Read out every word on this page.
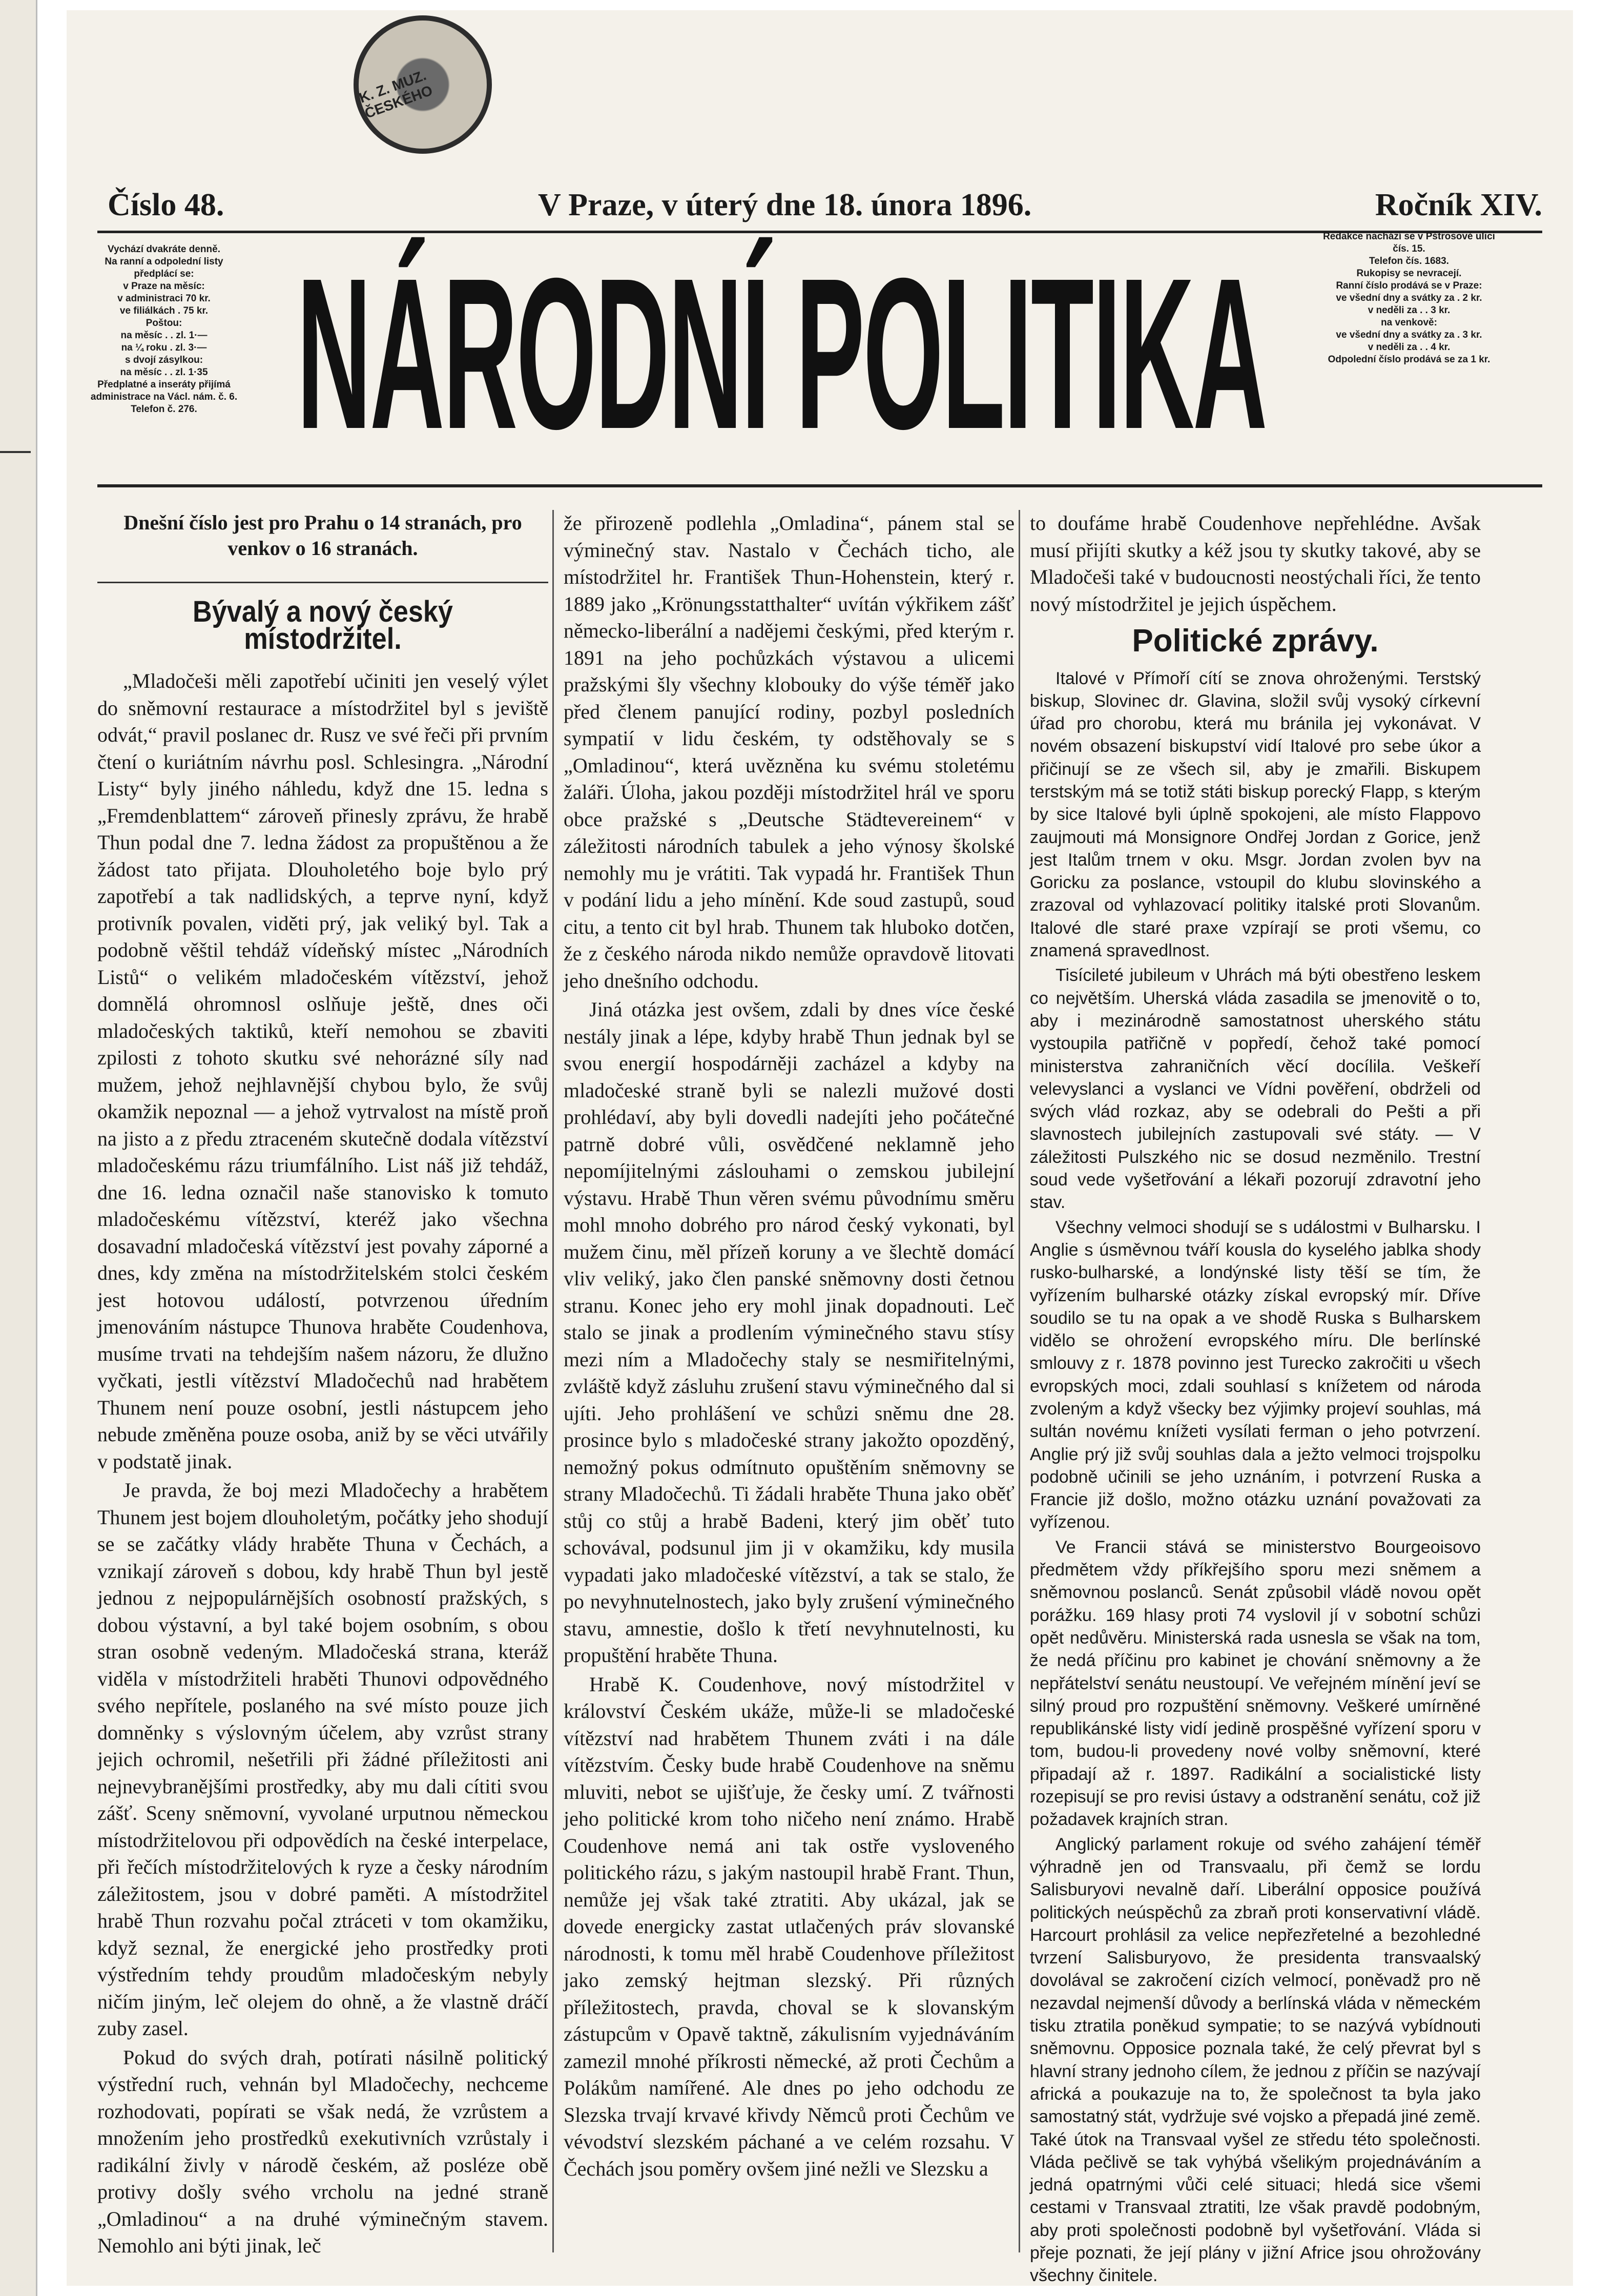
K. Z. MUZ. ČESKÉHO
Číslo 48.	V Praze, v úterý dne 18. února 1896.	Ročník XIV.
Vychází dvakráte denně.
Na ranní a odpolední listy předplácí se:
v Praze na měsíc:
v administraci 70 kr.
ve filiálkách . 75 kr.
Poštou:
na měsíc . . zl. 1·—
na ¼ roku . zl. 3·—
s dvojí zásylkou:
na měsíc . . zl. 1·35
Předplatné a inseráty přijímá administrace na Václ. nám. č. 6. Telefon č. 276. NÁRODNÍ POLITIKA	Redakce nachází se v Pštrosově ulici čís. 15.
Telefon čís. 1683.
Rukopisy se nevracejí.
Ranní číslo prodává se v Praze:
ve všední dny a svátky za . 2 kr.
v neděli za . . 3 kr.
na venkově:
ve všední dny a svátky za . 3 kr.
v neděli za . . 4 kr.
Odpolední číslo prodává se za 1 kr.
Dnešní číslo jest pro Prahu o 14 stranách, pro venkov o 16 stranách.
Bývalý a nový český místodržitel.

„Mladočeši měli zapotřebí učiniti jen veselý výlet do sněmovní restaurace a místodržitel byl s jeviště odvát,“ pravil poslanec dr. Rusz ve své řeči při prvním čtení o kuriátním návrhu posl. Schlesingra. „Národní Listy“ byly jiného náhledu, když dne 15. ledna s „Fremdenblattem“ zároveň přinesly zprávu, že hrabě Thun podal dne 7. ledna žádost za propuštěnou a že žádost tato přijata. Dlouholetého boje bylo prý zapotřebí a tak nadlidských, a teprve nyní, když protivník povalen, viděti prý, jak veliký byl. Tak a podobně věštil tehdáž vídeňský místec „Národních Listů“ o velikém mladočeském vítězství, jehož domnělá ohromnosl oslňuje ještě, dnes oči mladočeských taktiků, kteří nemohou se zbaviti zpilosti z tohoto skutku své nehorázné síly nad mužem, jehož nejhlavnější chybou bylo, že svůj okamžik nepoznal — a jehož vytrvalost na místě proň na jisto a z předu ztraceném skutečně dodala vítězství mladočeskému rázu triumfálního. List náš již tehdáž, dne 16. ledna označil naše stanovisko k tomuto mladočeskému vítězství, kteréž jako všechna dosavadní mladočeská vítězství jest povahy záporné a dnes, kdy změna na místodržitelském stolci českém jest hotovou událostí, potvrzenou úředním jmenováním nástupce Thunova hraběte Coudenhova, musíme trvati na tehdejším našem názoru, že dlužno vyčkati, jestli vítězství Mladočechů nad hrabětem Thunem není pouze osobní, jestli nástupcem jeho nebude změněna pouze osoba, aniž by se věci utvářily v podstatě jinak.

Je pravda, že boj mezi Mladočechy a hrabětem Thunem jest bojem dlouholetým, počátky jeho shodují se se začátky vlády hraběte Thuna v Čechách, a vznikají zároveň s dobou, kdy hrabě Thun byl jestě jednou z nejpopulárnějších osobností pražských, s dobou výstavní, a byl také bojem osobním, s obou stran osobně vedeným. Mladočeská strana, kteráž viděla v místodržiteli hraběti Thunovi odpovědného svého nepřítele, poslaného na své místo pouze jich domněnky s výslovným účelem, aby vzrůst strany jejich ochromil, nešetřili při žádné příležitosti ani nejnevybranějšími prostředky, aby mu dali cítiti svou zášť. Sceny sněmovní, vyvolané urputnou německou místodržitelovou při odpovědích na české interpelace, při řečích místodržitelových k ryze a česky národním záležitostem, jsou v dobré paměti. A místodržitel hrabě Thun rozvahu počal ztráceti v tom okamžiku, když seznal, že energické jeho prostředky proti výstředním tehdy proudům mladočeským nebyly ničím jiným, leč olejem do ohně, a že vlastně dráčí zuby zasel.

Pokud do svých drah, potírati násilně politický výstřední ruch, vehnán byl Mladočechy, nechceme rozhodovati, popírati se však nedá, že vzrůstem a množením jeho prostředků exekutivních vzrůstaly i radikální živly v národě českém, až posléze obě protivy došly svého vrcholu na jedné straně „Omladinou“ a na druhé výminečným stavem. Nemohlo ani býti jinak, leč

že přirozeně podlehla „Omladina“, pánem stal se výminečný stav. Nastalo v Čechách ticho, ale místodržitel hr. František Thun-Hohenstein, který r. 1889 jako „Krönungsstatthalter“ uvítán výkřikem zášť německo-liberální a nadějemi českými, před kterým r. 1891 na jeho pochůzkách výstavou a ulicemi pražskými šly všechny klobouky do výše téměř jako před členem panující rodiny, pozbyl posledních sympatií v lidu českém, ty odstěhovaly se s „Omladinou“, která uvězněna ku svému stoletému žaláři. Úloha, jakou později místodržitel hrál ve sporu obce pražské s „Deutsche Städtevereinem“ v záležitosti národních tabulek a jeho výnosy školské nemohly mu je vrátiti. Tak vypadá hr. František Thun v podání lidu a jeho mínění. Kde soud zastupů, soud citu, a tento cit byl hrab. Thunem tak hluboko dotčen, že z českého národa nikdo nemůže opravdově litovati jeho dnešního odchodu.

Jiná otázka jest ovšem, zdali by dnes více české nestály jinak a lépe, kdyby hrabě Thun jednak byl se svou energií hospodárněji zacházel a kdyby na mladočeské straně byli se nalezli mužové dosti prohlédaví, aby byli dovedli nadejíti jeho počátečné patrně dobré vůli, osvědčené neklamně jeho nepomíjitelnými záslouhami o zemskou jubilejní výstavu. Hrabě Thun věren svému původnímu směru mohl mnoho dobrého pro národ český vykonati, byl mužem činu, měl přízeň koruny a ve šlechtě domácí vliv veliký, jako člen panské sněmovny dosti četnou stranu. Konec jeho ery mohl jinak dopadnouti. Leč stalo se jinak a prodlením výminečného stavu stísy mezi ním a Mladočechy staly se nesmiřitelnými, zvláště když zásluhu zrušení stavu výminečného dal si ujíti. Jeho prohlášení ve schůzi sněmu dne 28. prosince bylo s mladočeské strany jakožto opozděný, nemožný pokus odmítnuto opuštěním sněmovny se strany Mladočechů. Ti žádali hraběte Thuna jako oběť stůj co stůj a hrabě Badeni, který jim oběť tuto schovával, podsunul jim ji v okamžiku, kdy musila vypadati jako mladočeské vítězství, a tak se stalo, že po nevyhnutelnostech, jako byly zrušení výminečného stavu, amnestie, došlo k třetí nevyhnutelnosti, ku propuštění hraběte Thuna.

Hrabě K. Coudenhove, nový místodržitel v království Českém ukáže, může-li se mladočeské vítězství nad hrabětem Thunem zváti i na dále vítězstvím. Česky bude hrabě Coudenhove na sněmu mluviti, nebot se ujišťuje, že česky umí. Z tvářnosti jeho politické krom toho ničeho není známo. Hrabě Coudenhove nemá ani tak ostře vysloveného politického rázu, s jakým nastoupil hrabě Frant. Thun, nemůže jej však také ztratiti. Aby ukázal, jak se dovede energicky zastat utlačených práv slovanské národnosti, k tomu měl hrabě Coudenhove příležitost jako zemský hejtman slezský. Při různých příležitostech, pravda, choval se k slovanským zástupcům v Opavě taktně, zákulisním vyjednáváním zamezil mnohé příkrosti německé, až proti Čechům a Polákům namířené. Ale dnes po jeho odchodu ze Slezska trvají krvavé křivdy Němců proti Čechům ve vévodství slezském páchané a ve celém rozsahu. V Čechách jsou poměry ovšem jiné nežli ve Slezsku a

to doufáme hrabě Coudenhove nepřehlédne. Avšak musí přijíti skutky a kéž jsou ty skutky takové, aby se Mladočeši také v budoucnosti neostýchali říci, že tento nový místodržitel je jejich úspěchem.

Politické zprávy.

Italové v Přímoří cítí se znova ohroženými. Terstský biskup, Slovinec dr. Glavina, složil svůj vysoký církevní úřad pro chorobu, která mu bránila jej vykonávat. V novém obsazení biskupství vidí Italové pro sebe úkor a přičinují se ze všech sil, aby je zmařili. Biskupem terstským má se totiž státi biskup porecký Flapp, s kterým by sice Italové byli úplně spokojeni, ale místo Flappovo zaujmouti má Monsignore Ondřej Jordan z Gorice, jenž jest Italům trnem v oku. Msgr. Jordan zvolen byv na Goricku za poslance, vstoupil do klubu slovinského a zrazoval od vyhlazovací politiky italské proti Slovanům. Italové dle staré praxe vzpírají se proti všemu, co znamená spravedlnost.

Tisícileté jubileum v Uhrách má býti obestřeno leskem co největším. Uherská vláda zasadila se jmenovitě o to, aby i mezinárodně samostatnost uherského státu vystoupila patřičně v popředí, čehož také pomocí ministerstva zahraničních věcí docílila. Veškeří velevyslanci a vyslanci ve Vídni pověření, obdrželi od svých vlád rozkaz, aby se odebrali do Pešti a při slavnostech jubilejních zastupovali své státy. — V záležitosti Pulszkého nic se dosud nezměnilo. Trestní soud vede vyšetřování a lékaři pozorují zdravotní jeho stav.

Všechny velmoci shodují se s událostmi v Bulharsku. I Anglie s úsměvnou tváří kousla do kyselého jablka shody rusko-bulharské, a londýnské listy těší se tím, že vyřízením bulharské otázky získal evropský mír. Dříve soudilo se tu na opak a ve shodě Ruska s Bulharskem vidělo se ohrožení evropského míru. Dle berlínské smlouvy z r. 1878 povinno jest Turecko zakročiti u všech evropských moci, zdali souhlasí s knížetem od národa zvoleným a když všecky bez výjimky projeví souhlas, má sultán novému knížeti vysílati ferman o jeho potvrzení. Anglie prý již svůj souhlas dala a ježto velmoci trojspolku podobně učinili se jeho uznáním, i potvrzení Ruska a Francie již došlo, možno otázku uznání považovati za vyřízenou.

Ve Francii stává se ministerstvo Bourgeoisovo předmětem vždy příkřejšího sporu mezi sněmem a sněmovnou poslanců. Senát způsobil vládě novou opět porážku. 169 hlasy proti 74 vyslovil jí v sobotní schůzi opět nedůvěru. Ministerská rada usnesla se však na tom, že nedá příčinu pro kabinet je chování sněmovny a že nepřátelství senátu neustoupí. Ve veřejném mínění jeví se silný proud pro rozpuštění sněmovny. Veškeré umírněné republikánské listy vidí jedině prospěšné vyřízení sporu v tom, budou-li provedeny nové volby sněmovní, které připadají až r. 1897. Radikální a socialistické listy rozepisují se pro revisi ústavy a odstranění senátu, což již požadavek krajních stran.

Anglický parlament rokuje od svého zahájení téměř výhradně jen od Transvaalu, při čemž se lordu Salisburyovi nevalně daří. Liberální opposice používá politických neúspěchů za zbraň proti konservativní vládě. Harcourt prohlásil za velice nepřezřetelné a bezohledné tvrzení Salisburyovo, že presidenta transvaalský dovolával se zakročení cizích velmocí, poněvadž pro ně nezavdal nejmenší důvody a berlínská vláda v německém tisku ztratila poněkud sympatie; to se nazývá vybídnouti sněmovnu. Opposice poznala také, že celý převrat byl s hlavní strany jednoho cílem, že jednou z příčin se nazývají africká a poukazuje na to, že společnost ta byla jako samostatný stát, vydržuje své vojsko a přepadá jiné země. Také útok na Transvaal vyšel ze středu této společnosti. Vláda pečlivě se tak vyhýbá všelikým projednáváním a jedná opatrnými vůči celé situaci; hledá sice všemi cestami v Transvaal ztratiti, lze však pravdě podobným, aby proti společnosti podobně byl vyšetřování. Vláda si přeje poznati, že její plány v jižní Africe jsou ohrožovány všechny činitele.
